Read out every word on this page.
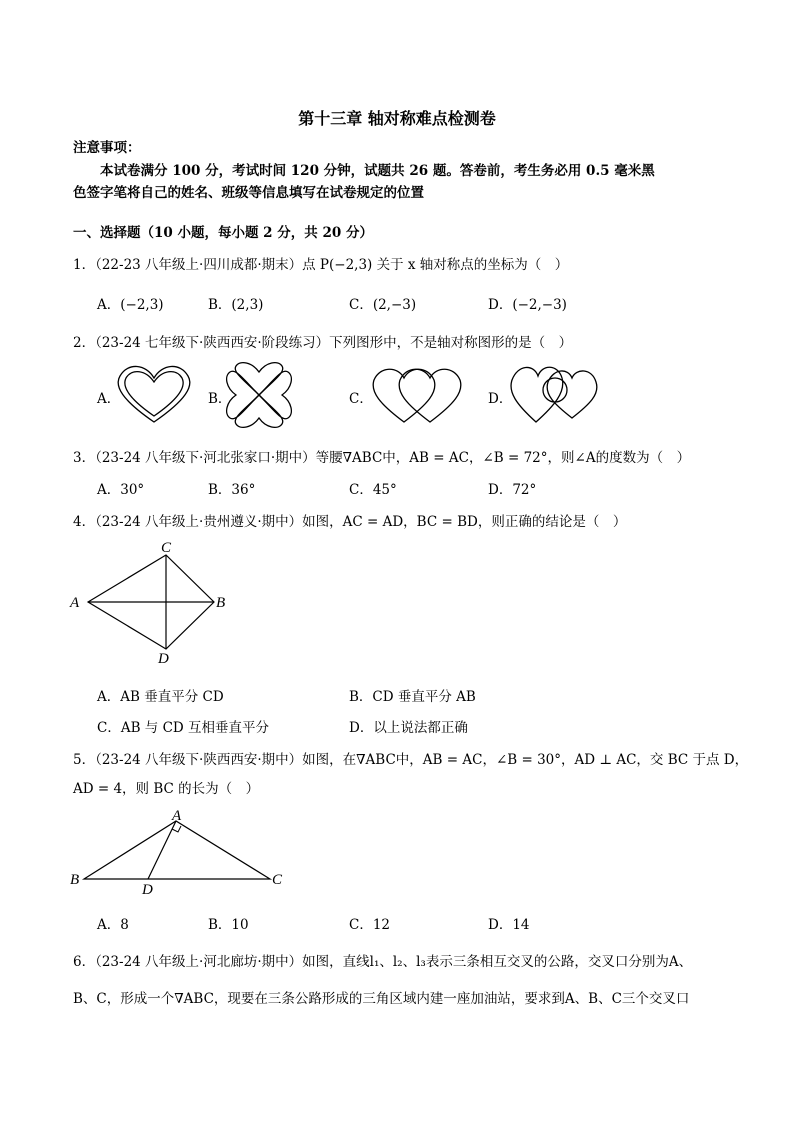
第十三章 轴对称难点检测卷
注意事项：
本试卷满分 100 分，考试时间 120 分钟，试题共 26 题。答卷前，考生务必用 0.5 毫米黑
色签字笔将自己的姓名、班级等信息填写在试卷规定的位置
一、选择题（10 小题，每小题 2 分，共 20 分）
1．（22-23 八年级上·四川成都·期末）点 P(−2,3) 关于 x 轴对称点的坐标为（　）
A．(−2,3)	B．(2,3)	C．(2,−3)	D．(−2,−3)
2．（23-24 七年级下·陕西西安·阶段练习）下列图形中，不是轴对称图形的是（　）
A．	B．	C．	D．
3．（23-24 八年级下·河北张家口·期中）等腰∇ABC中，AB = AC，∠B = 72°，则∠A的度数为（　）
A．30°	B．36°	C．45°	D．72°
4．（23-24 八年级上·贵州遵义·期中）如图，AC = AD，BC = BD，则正确的结论是（　）
C
A	B
D
A．AB 垂直平分 CD	B．CD 垂直平分 AB
C．AB 与 CD 互相垂直平分	D．以上说法都正确
5．（23-24 八年级下·陕西西安·期中）如图，在∇ABC中，AB = AC，∠B = 30°，AD ⊥ AC，交 BC 于点 D，
AD = 4，则 BC 的长为（　）
A
B
D
C
A．8	B．10	C．12	D．14
6．（23-24 八年级上·河北廊坊·期中）如图，直线l₁、l₂、l₃表示三条相互交叉的公路，交叉口分别为A、
B、C，形成一个∇ABC，现要在三条公路形成的三角区域内建一座加油站，要求到A、B、C三个交叉口
